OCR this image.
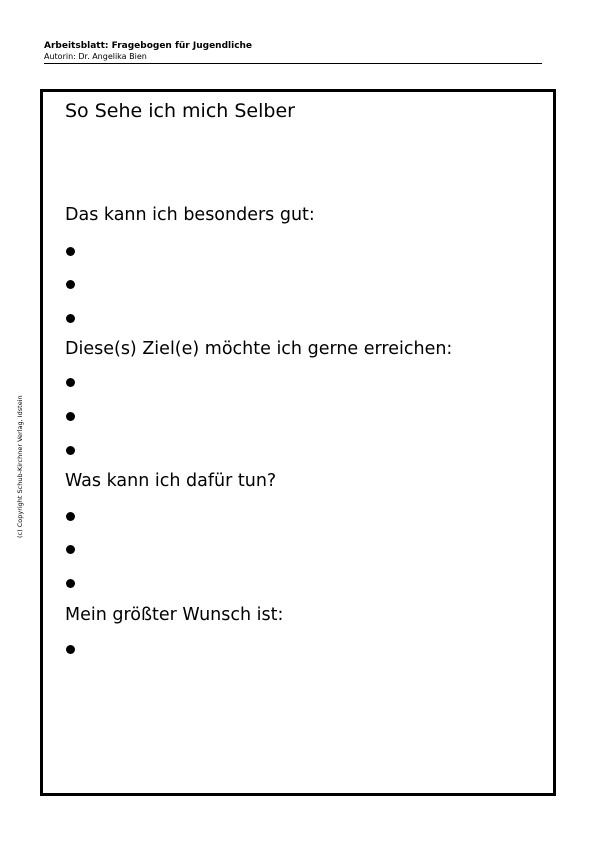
Arbeitsblatt: Fragebogen für Jugendliche
Autorin: Dr. Angelika Bien
(c) Copyright Schub-Kirchner Verlag, Idstein
So Sehe ich mich Selber
Das kann ich besonders gut:
Diese(s) Ziel(e) möchte ich gerne erreichen:
Was kann ich dafür tun?
Mein größter Wunsch ist:
